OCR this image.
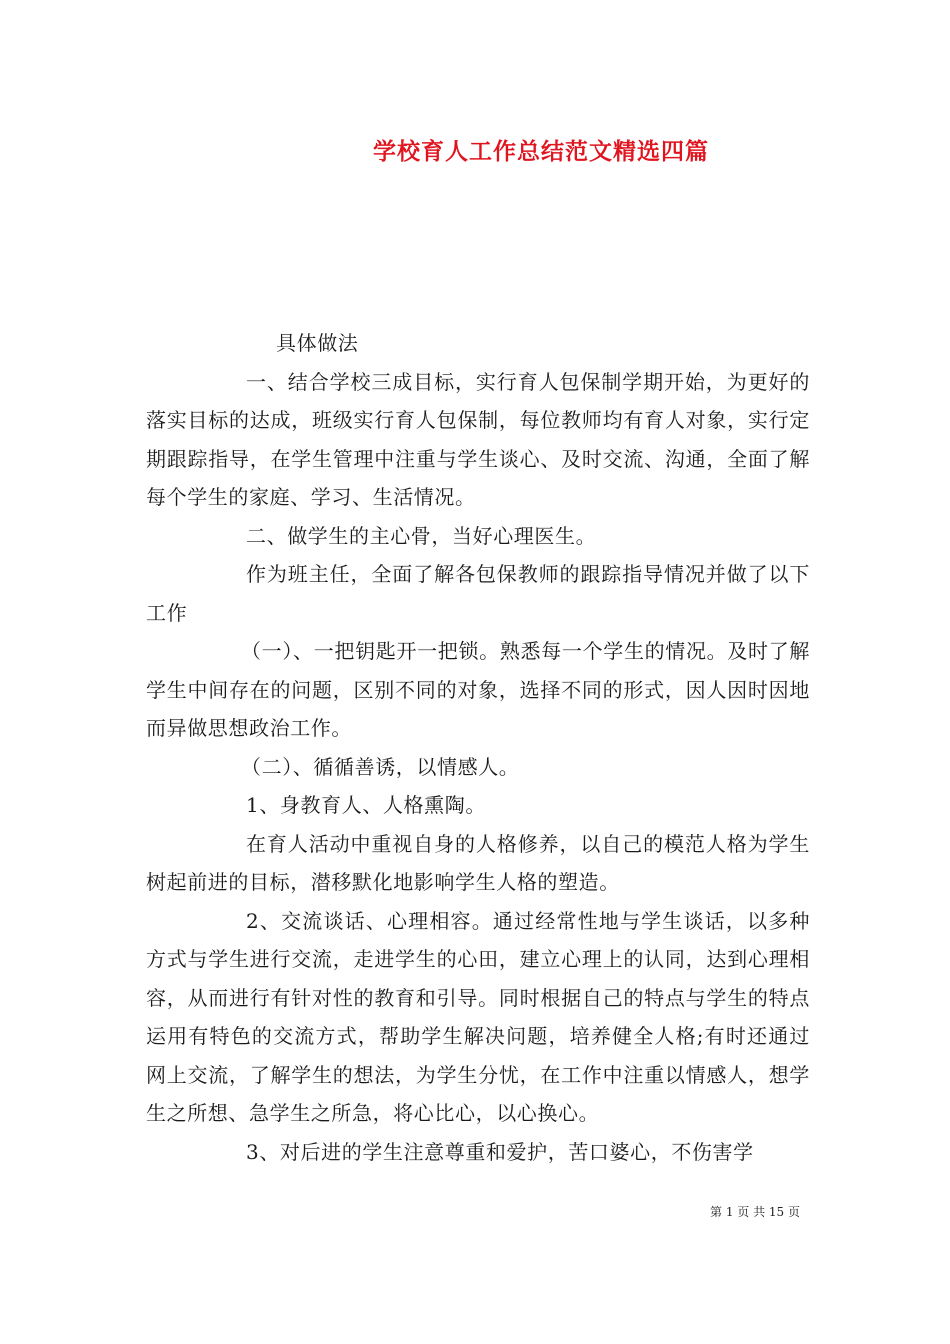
学校育人工作总结范文精选四篇

具体做法

一、结合学校三成目标，实行育人包保制学期开始，为更好的落实目标的达成，班级实行育人包保制，每位教师均有育人对象，实行定期跟踪指导，在学生管理中注重与学生谈心、及时交流、沟通，全面了解每个学生的家庭、学习、生活情况。

二、做学生的主心骨，当好心理医生。

作为班主任，全面了解各包保教师的跟踪指导情况并做了以下工作

（一）、一把钥匙开一把锁。熟悉每一个学生的情况。及时了解学生中间存在的问题，区别不同的对象，选择不同的形式，因人因时因地而异做思想政治工作。

（二）、循循善诱，以情感人。

1、身教育人、人格熏陶。

在育人活动中重视自身的人格修养，以自己的模范人格为学生树起前进的目标，潜移默化地影响学生人格的塑造。

2、交流谈话、心理相容。通过经常性地与学生谈话，以多种方式与学生进行交流，走进学生的心田，建立心理上的认同，达到心理相容，从而进行有针对性的教育和引导。同时根据自己的特点与学生的特点运用有特色的交流方式，帮助学生解决问题，培养健全人格;有时还通过网上交流，了解学生的想法，为学生分忧，在工作中注重以情感人，想学生之所想、急学生之所急，将心比心，以心换心。

3、对后进的学生注意尊重和爱护，苦口婆心，不伤害学

第 1 页 共 15 页
